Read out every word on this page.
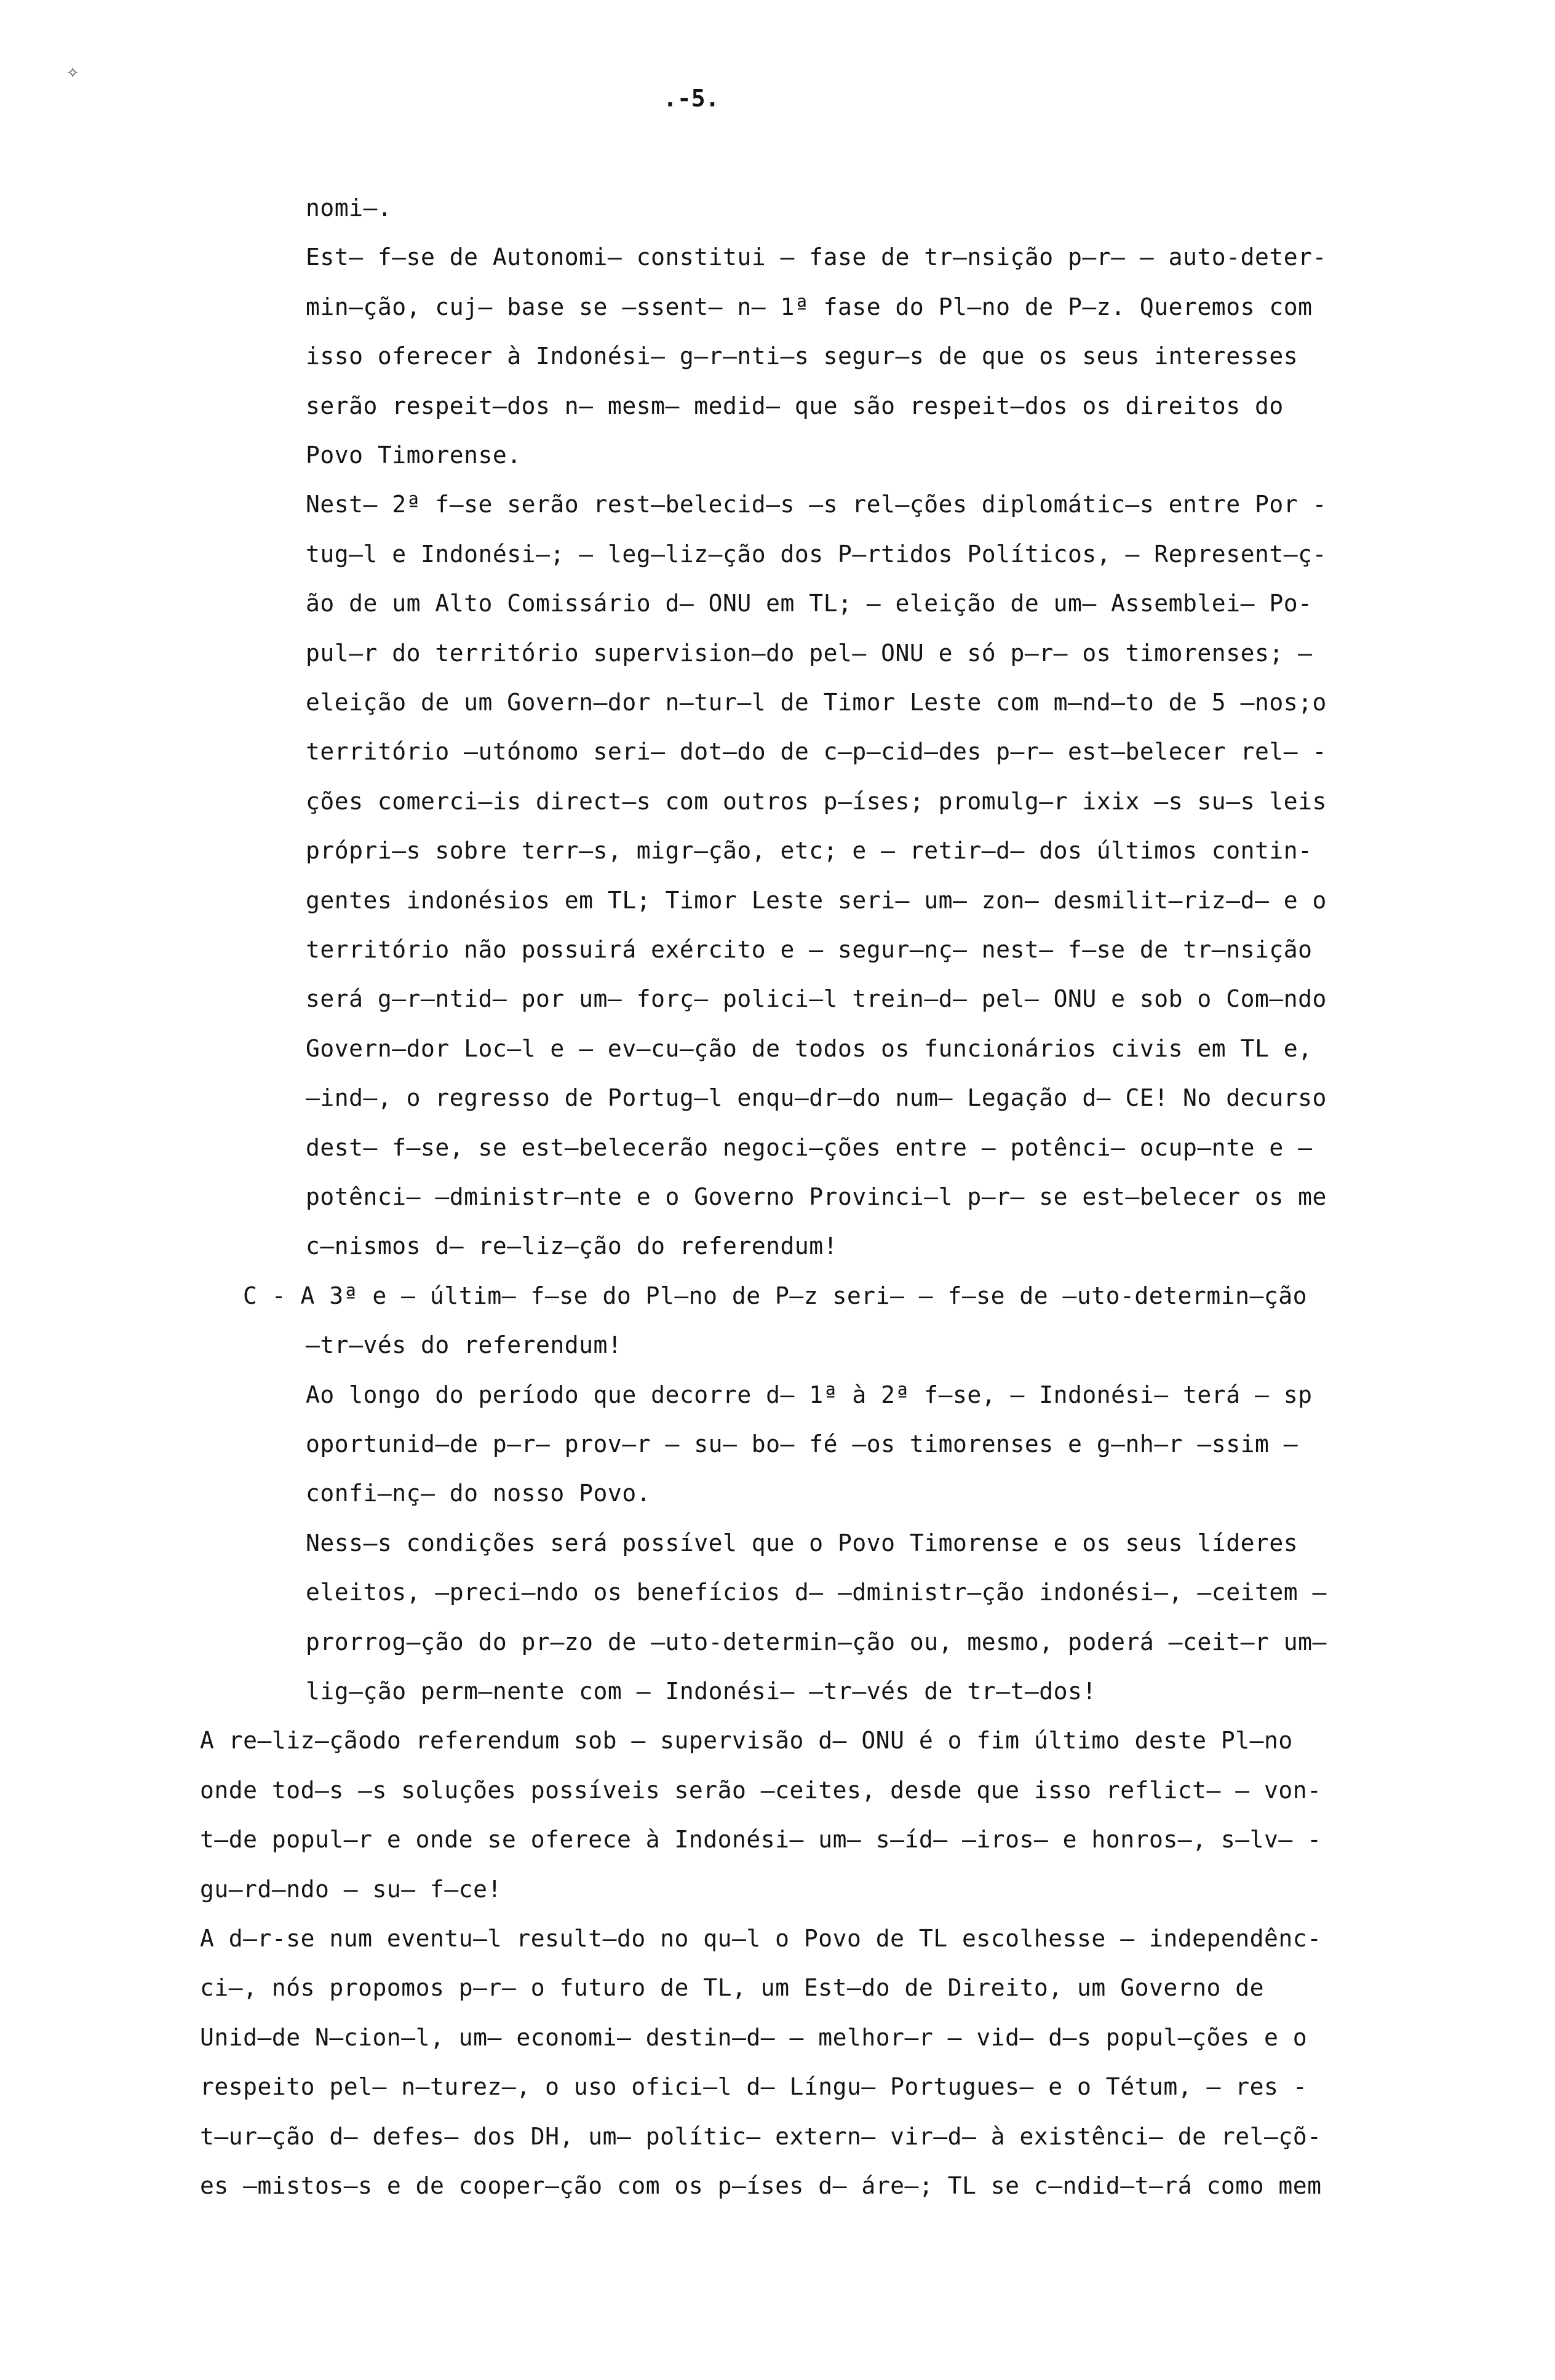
✧
.-5.
nomi–.
Est– f–se de Autonomi– constitui – fase de tr–nsição p–r– – auto-deter-
min–ção, cuj– base se –ssent– n– 1ª fase do Pl–no de P–z. Queremos com
isso oferecer à Indonési– g–r–nti–s segur–s de que os seus interesses
serão respeit–dos n– mesm– medid– que são respeit–dos os direitos do
Povo Timorense.
Nest– 2ª f–se serão rest–belecid–s –s rel–ções diplomátic–s entre Por -
tug–l e Indonési–; – leg–liz–ção dos P–rtidos Políticos, – Represent–ç-
ão de um Alto Comissário d– ONU em TL; – eleição de um– Assemblei– Po-
pul–r do território supervision–do pel– ONU e só p–r– os timorenses; –
eleição de um Govern–dor n–tur–l de Timor Leste com m–nd–to de 5 –nos;o
território –utónomo seri– dot–do de c–p–cid–des p–r– est–belecer rel– -
ções comerci–is direct–s com outros p–íses; promulg–r ixix –s su–s leis
própri–s sobre terr–s, migr–ção, etc; e – retir–d– dos últimos contin-
gentes indonésios em TL; Timor Leste seri– um– zon– desmilit–riz–d– e o
território não possuirá exército e – segur–nç– nest– f–se de tr–nsição
será g–r–ntid– por um– forç– polici–l trein–d– pel– ONU e sob o Com–ndo
Govern–dor Loc–l e – ev–cu–ção de todos os funcionários civis em TL e,
–ind–, o regresso de Portug–l enqu–dr–do num– Legação d– CE! No decurso
dest– f–se, se est–belecerão negoci–ções entre – potênci– ocup–nte e –
potênci– –dministr–nte e o Governo Provinci–l p–r– se est–belecer os me
c–nismos d– re–liz–ção do referendum!
C - A 3ª e – últim– f–se do Pl–no de P–z seri– – f–se de –uto-determin–ção
–tr–vés do referendum!
Ao longo do período que decorre d– 1ª à 2ª f–se, – Indonési– terá – sp
oportunid–de p–r– prov–r – su– bo– fé –os timorenses e g–nh–r –ssim –
confi–nç– do nosso Povo.
Ness–s condições será possível que o Povo Timorense e os seus líderes
eleitos, –preci–ndo os benefícios d– –dministr–ção indonési–, –ceitem –
prorrog–ção do pr–zo de –uto-determin–ção ou, mesmo, poderá –ceit–r um–
lig–ção perm–nente com – Indonési– –tr–vés de tr–t–dos!
A re–liz–çãodo referendum sob – supervisão d– ONU é o fim último deste Pl–no
onde tod–s –s soluções possíveis serão –ceites, desde que isso reflict– – von-
t–de popul–r e onde se oferece à Indonési– um– s–íd– –iros– e honros–, s–lv– -
gu–rd–ndo – su– f–ce!
A d–r-se num eventu–l result–do no qu–l o Povo de TL escolhesse – independênc-
ci–, nós propomos p–r– o futuro de TL, um Est–do de Direito, um Governo de
Unid–de N–cion–l, um– economi– destin–d– – melhor–r – vid– d–s popul–ções e o
respeito pel– n–turez–, o uso ofici–l d– Língu– Portugues– e o Tétum, – res -
t–ur–ção d– defes– dos DH, um– polític– extern– vir–d– à existênci– de rel–çõ-
es –mistos–s e de cooper–ção com os p–íses d– áre–; TL se c–ndid–t–rá como mem
